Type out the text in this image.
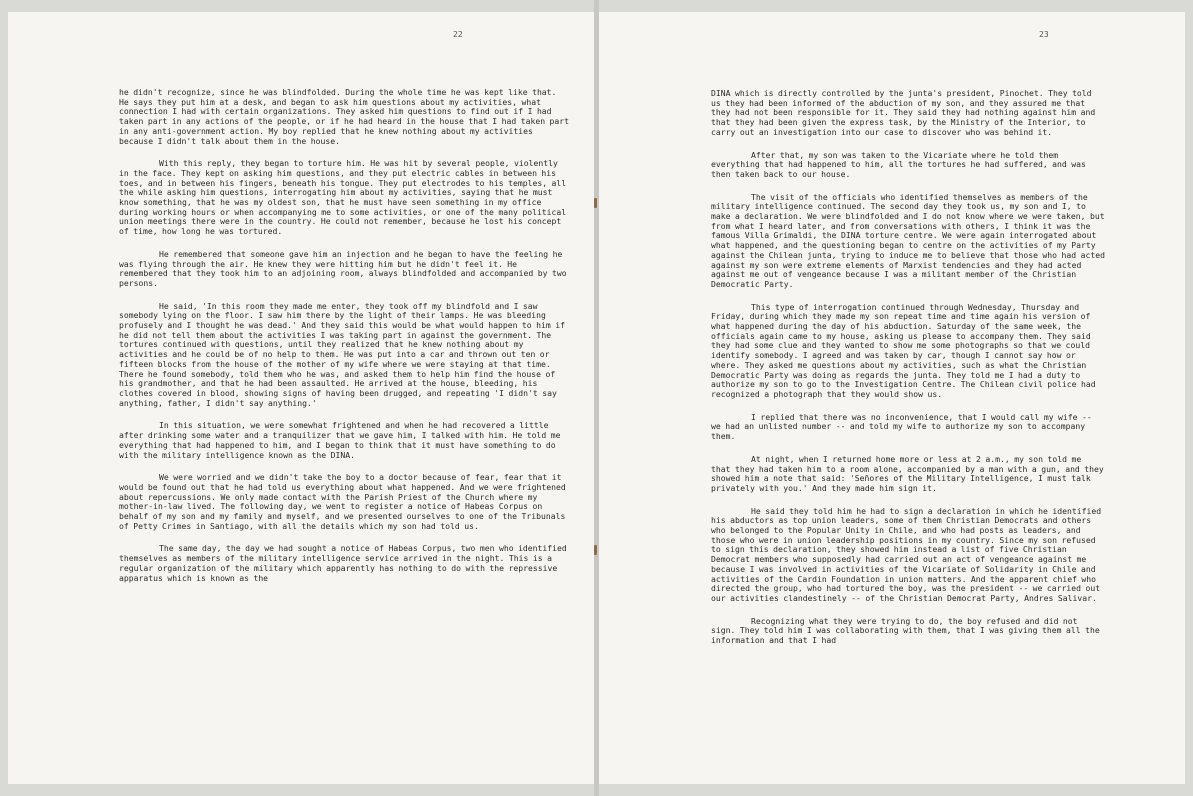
22

he didn't recognize, since he was blindfolded. During the whole time he was kept like that. He says they put him at a desk, and began to ask him questions about my activities, what connection I had with certain organizations. They asked him questions to find out if I had taken part in any actions of the people, or if he had heard in the house that I had taken part in any anti-government action. My boy replied that he knew nothing about my activities because I didn't talk about them in the house.

With this reply, they began to torture him. He was hit by several people, violently in the face. They kept on asking him questions, and they put electric cables in between his toes, and in between his fingers, beneath his tongue. They put electrodes to his temples, all the while asking him questions, interrogating him about my activities, saying that he must know something, that he was my oldest son, that he must have seen something in my office during working hours or when accompanying me to some activities, or one of the many political union meetings there were in the country. He could not remember, because he lost his concept of time, how long he was tortured.

He remembered that someone gave him an injection and he began to have the feeling he was flying through the air. He knew they were hitting him but he didn't feel it. He remembered that they took him to an adjoining room, always blindfolded and accompanied by two persons.

He said, 'In this room they made me enter, they took off my blindfold and I saw somebody lying on the floor. I saw him there by the light of their lamps. He was bleeding profusely and I thought he was dead.' And they said this would be what would happen to him if he did not tell them about the activities I was taking part in against the government. The tortures continued with questions, until they realized that he knew nothing about my activities and he could be of no help to them. He was put into a car and thrown out ten or fifteen blocks from the house of the mother of my wife where we were staying at that time. There he found somebody, told them who he was, and asked them to help him find the house of his grandmother, and that he had been assaulted. He arrived at the house, bleeding, his clothes covered in blood, showing signs of having been drugged, and repeating 'I didn't say anything, father, I didn't say anything.'

In this situation, we were somewhat frightened and when he had recovered a little after drinking some water and a tranquilizer that we gave him, I talked with him. He told me everything that had happened to him, and I began to think that it must have something to do with the military intelligence known as the DINA.

We were worried and we didn't take the boy to a doctor because of fear, fear that it would be found out that he had told us everything about what happened. And we were frightened about repercussions. We only made contact with the Parish Priest of the Church where my mother-in-law lived. The following day, we went to register a notice of Habeas Corpus on behalf of my son and my family and myself, and we presented ourselves to one of the Tribunals of Petty Crimes in Santiago, with all the details which my son had told us.

The same day, the day we had sought a notice of Habeas Corpus, two men who identified themselves as members of the military intelligence service arrived in the night. This is a regular organization of the military which apparently has nothing to do with the repressive apparatus which is known as the

23

DINA which is directly controlled by the junta's president, Pinochet. They told us they had been informed of the abduction of my son, and they assured me that they had not been responsible for it. They said they had nothing against him and that they had been given the express task, by the Ministry of the Interior, to carry out an investigation into our case to discover who was behind it.

After that, my son was taken to the Vicariate where he told them everything that had happened to him, all the tortures he had suffered, and was then taken back to our house.

The visit of the officials who identified themselves as members of the military intelligence continued. The second day they took us, my son and I, to make a declaration. We were blindfolded and I do not know where we were taken, but from what I heard later, and from conversations with others, I think it was the famous Villa Grimaldi, the DINA torture centre. We were again interrogated about what happened, and the questioning began to centre on the activities of my Party against the Chilean junta, trying to induce me to believe that those who had acted against my son were extreme elements of Marxist tendencies and they had acted against me out of vengeance because I was a militant member of the Christian Democratic Party.

This type of interrogation continued through Wednesday, Thursday and Friday, during which they made my son repeat time and time again his version of what happened during the day of his abduction. Saturday of the same week, the officials again came to my house, asking us please to accompany them. They said they had some clue and they wanted to show me some photographs so that we could identify somebody. I agreed and was taken by car, though I cannot say how or where. They asked me questions about my activities, such as what the Christian Democratic Party was doing as regards the junta. They told me I had a duty to authorize my son to go to the Investigation Centre. The Chilean civil police had recognized a photograph that they would show us.

I replied that there was no inconvenience, that I would call my wife -- we had an unlisted number -- and told my wife to authorize my son to accompany them.

At night, when I returned home more or less at 2 a.m., my son told me that they had taken him to a room alone, accompanied by a man with a gun, and they showed him a note that said: 'Señores of the Military Intelligence, I must talk privately with you.' And they made him sign it.

He said they told him he had to sign a declaration in which he identified his abductors as top union leaders, some of them Christian Democrats and others who belonged to the Popular Unity in Chile, and who had posts as leaders, and those who were in union leadership positions in my country. Since my son refused to sign this declaration, they showed him instead a list of five Christian Democrat members who supposedly had carried out an act of vengeance against me because I was involved in activities of the Vicariate of Solidarity in Chile and activities of the Cardin Foundation in union matters. And the apparent chief who directed the group, who had tortured the boy, was the president -- we carried out our activities clandestinely -- of the Christian Democrat Party, Andres Salivar.

Recognizing what they were trying to do, the boy refused and did not sign. They told him I was collaborating with them, that I was giving them all the information and that I had
